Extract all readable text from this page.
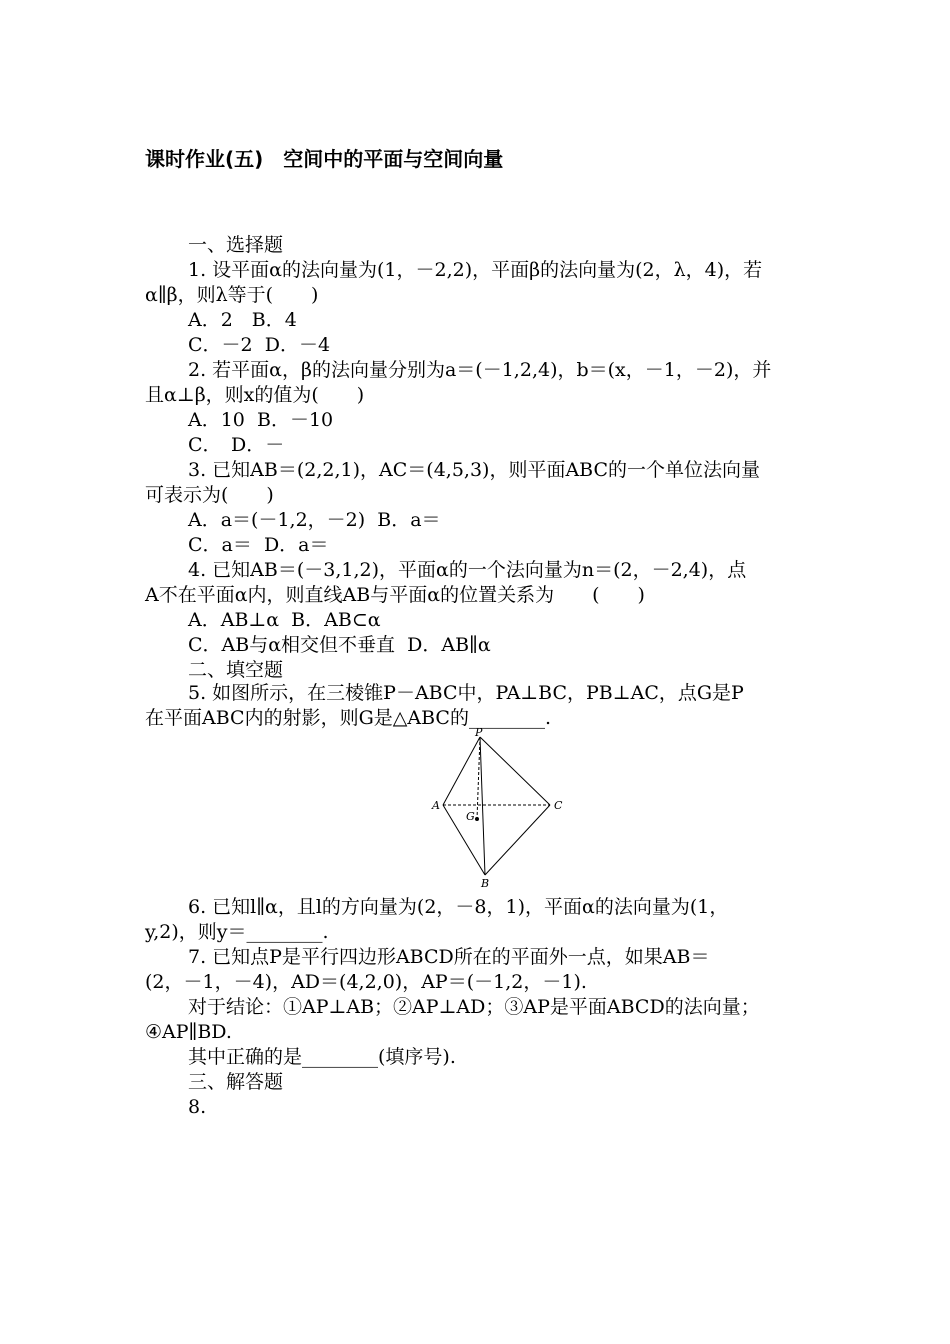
课时作业(五)　空间中的平面与空间向量
一、选择题
1. 设平面α的法向量为(1，－2,2)，平面β的法向量为(2，λ，4)，若
α∥β，则λ等于(　　)
A．2　B．4
C．－2  D．－4
2. 若平面α，β的法向量分别为a＝(－1,2,4)，b＝(x，－1，－2)，并
且α⊥β，则x的值为(　　)
A．10  B．－10
C．　D．－
3. 已知AB＝(2,2,1)，AC＝(4,5,3)，则平面ABC的一个单位法向量
可表示为(　　)
A．a＝(－1,2，－2)  B．a＝
C．a＝  D．a＝
4. 已知AB＝(－3,1,2)，平面α的一个法向量为n＝(2，－2,4)，点
A不在平面α内，则直线AB与平面α的位置关系为　　(　　)
A．AB⊥α  B．AB⊂α
C．AB与α相交但不垂直  D．AB∥α
二、填空题
5. 如图所示，在三棱锥P－ABC中，PA⊥BC，PB⊥AC，点G是P
在平面ABC内的射影，则G是△ABC的________.
6. 已知l∥α，且l的方向量为(2，－8，1)，平面α的法向量为(1，
y,2)，则y＝________.
7. 已知点P是平行四边形ABCD所在的平面外一点，如果AB＝
(2，－1，－4)，AD＝(4,2,0)，AP＝(－1,2，－1).
对于结论：①AP⊥AB；②AP⊥AD；③AP是平面ABCD的法向量；
④AP∥BD.
其中正确的是________(填序号).
三、解答题
8.
P
A	C
B
G
